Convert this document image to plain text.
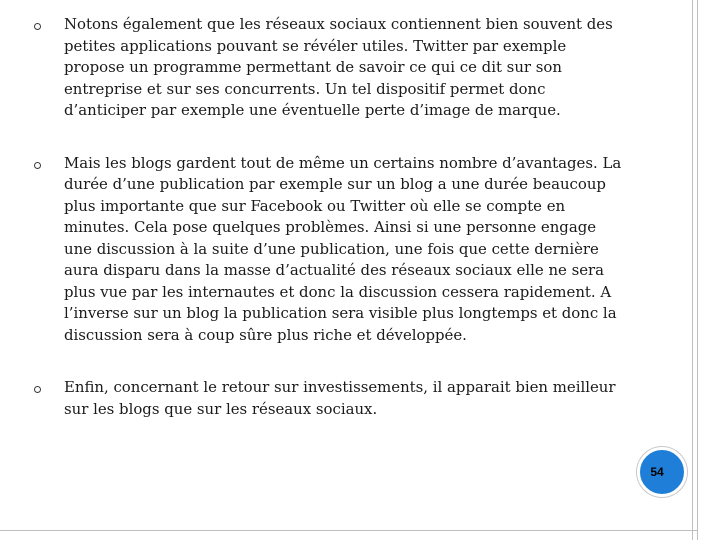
Notons également que les réseaux sociaux contiennent bien souvent des petites applications pouvant se révéler utiles. Twitter par exemple propose un programme permettant de savoir ce qui ce dit sur son entreprise et sur ses concurrents. Un tel dispositif permet donc d’anticiper par exemple une éventuelle perte d’image de marque.
Mais les blogs gardent tout de même un certains nombre d’avantages. La durée d’une publication par exemple sur un blog a une durée beaucoup plus importante que sur Facebook ou Twitter où elle se compte en minutes. Cela pose quelques problèmes. Ainsi si une personne engage une discussion à la suite d’une publication, une fois que cette dernière aura disparu dans la masse d’actualité des réseaux sociaux elle ne sera plus vue par les internautes et donc la discussion cessera rapidement. A l’inverse sur un blog la publication sera visible plus longtemps et donc la discussion sera à coup sûre plus riche et développée.
Enfin, concernant le retour sur investissements, il apparait bien meilleur sur les blogs que sur les réseaux sociaux.
54
